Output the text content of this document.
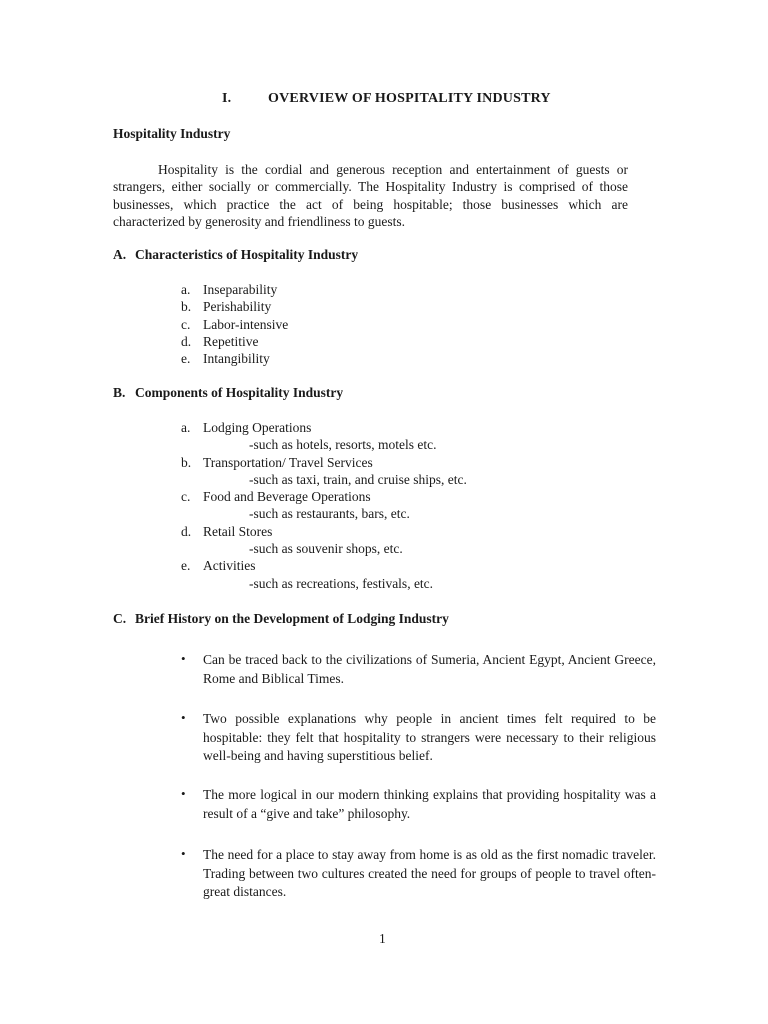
I.	OVERVIEW OF HOSPITALITY INDUSTRY
Hospitality Industry
Hospitality is the cordial and generous reception and entertainment of guests or strangers, either socially or commercially. The Hospitality Industry is comprised of those businesses, which practice the act of being hospitable; those businesses which are characterized by generosity and friendliness to guests.
A. Characteristics of Hospitality Industry
a. Inseparability
b. Perishability
c. Labor-intensive
d. Repetitive
e. Intangibility
B. Components of Hospitality Industry
a. Lodging Operations
-such as hotels, resorts, motels etc.
b. Transportation/ Travel Services
-such as taxi, train, and cruise ships, etc.
c. Food and Beverage Operations
-such as restaurants, bars, etc.
d. Retail Stores
-such as souvenir shops, etc.
e. Activities
-such as recreations, festivals, etc.
C. Brief History on the Development of Lodging Industry
• Can be traced back to the civilizations of Sumeria, Ancient Egypt, Ancient Greece, Rome and Biblical Times.
• Two possible explanations why people in ancient times felt required to be hospitable: they felt that hospitality to strangers were necessary to their religious well-being and having superstitious belief.
• The more logical in our modern thinking explains that providing hospitality was a result of a “give and take” philosophy.
• The need for a place to stay away from home is as old as the first nomadic traveler. Trading between two cultures created the need for groups of people to travel often-great distances.
1
